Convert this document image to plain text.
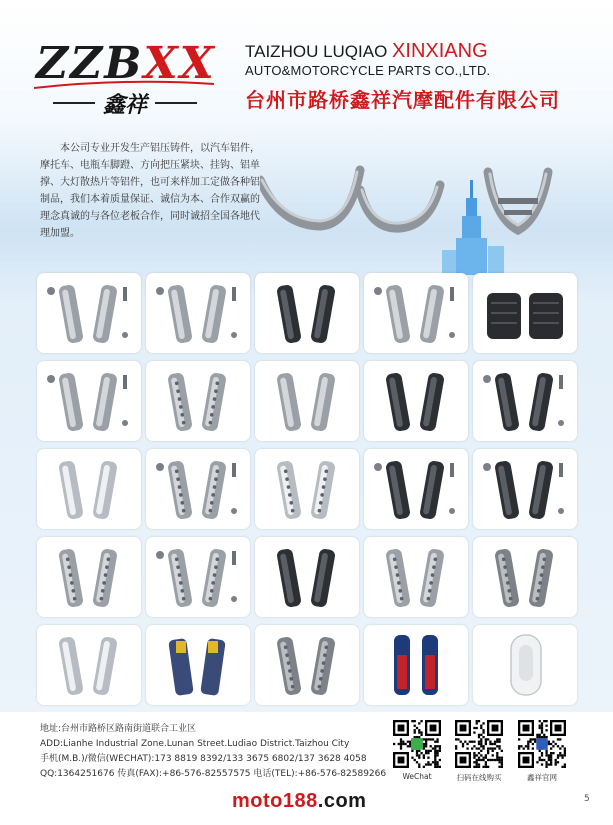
ZZBXX
鑫祥
TAIZHOU LUQIAO XINXIANG
AUTO&MOTORCYCLE PARTS CO.,LTD.
台州市路桥鑫祥汽摩配件有限公司
本公司专业开发生产铝压铸件，以汽车铝件，摩托车、电瓶车脚蹬、方向把压紧块、挂钩、铝单撑、大灯散热片等铝件，也可来样加工定做各种铝制品，我们本着质量保证、诚信为本、合作双赢的理念真诚的与各位老板合作，同时诚招全国各地代理加盟。
地址:台州市路桥区路南街道联合工业区
ADD:Lianhe Industrial Zone.Lunan Street.Ludiao District.Taizhou City
手机(M.B.)/微信(WECHAT):173 8819 8392/133 3675 6802/137 3628 4058
QQ:1364251676 传真(FAX):+86-576-82557575 电话(TEL):+86-576-82589266	WeChat	扫码在线购买	鑫祥官网
moto188.com	5
